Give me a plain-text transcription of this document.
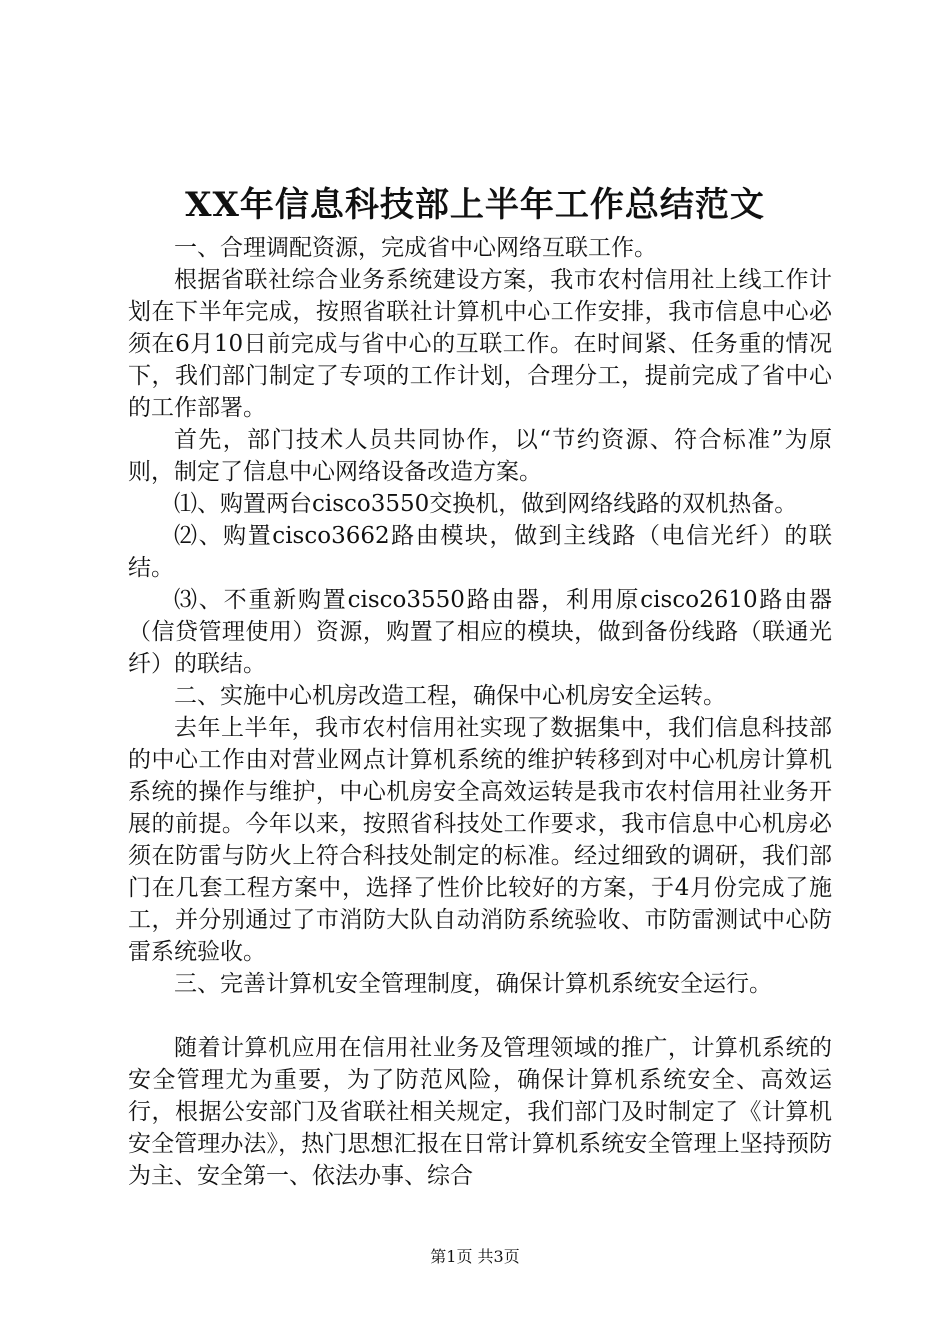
XX年信息科技部上半年工作总结范文

一、合理调配资源，完成省中心网络互联工作。

根据省联社综合业务系统建设方案，我市农村信用社上线工作计划在下半年完成，按照省联社计算机中心工作安排，我市信息中心必须在6月10日前完成与省中心的互联工作。在时间紧、任务重的情况下，我们部门制定了专项的工作计划，合理分工，提前完成了省中心的工作部署。

首先，部门技术人员共同协作，以“节约资源、符合标准”为原则，制定了信息中心网络设备改造方案。

⑴、购置两台cisco3550交换机，做到网络线路的双机热备。

⑵、购置cisco3662路由模块，做到主线路（电信光纤）的联结。

⑶、不重新购置cisco3550路由器，利用原cisco2610路由器（信贷管理使用）资源，购置了相应的模块，做到备份线路（联通光纤）的联结。

二、实施中心机房改造工程，确保中心机房安全运转。

去年上半年，我市农村信用社实现了数据集中，我们信息科技部的中心工作由对营业网点计算机系统的维护转移到对中心机房计算机系统的操作与维护，中心机房安全高效运转是我市农村信用社业务开展的前提。今年以来，按照省科技处工作要求，我市信息中心机房必须在防雷与防火上符合科技处制定的标准。经过细致的调研，我们部门在几套工程方案中，选择了性价比较好的方案，于4月份完成了施工，并分别通过了市消防大队自动消防系统验收、市防雷测试中心防雷系统验收。

三、完善计算机安全管理制度，确保计算机系统安全运行。

随着计算机应用在信用社业务及管理领域的推广，计算机系统的安全管理尤为重要，为了防范风险，确保计算机系统安全、高效运行，根据公安部门及省联社相关规定，我们部门及时制定了《计算机安全管理办法》，热门思想汇报在日常计算机系统安全管理上坚持预防为主、安全第一、依法办事、综合

第1页 共3页
